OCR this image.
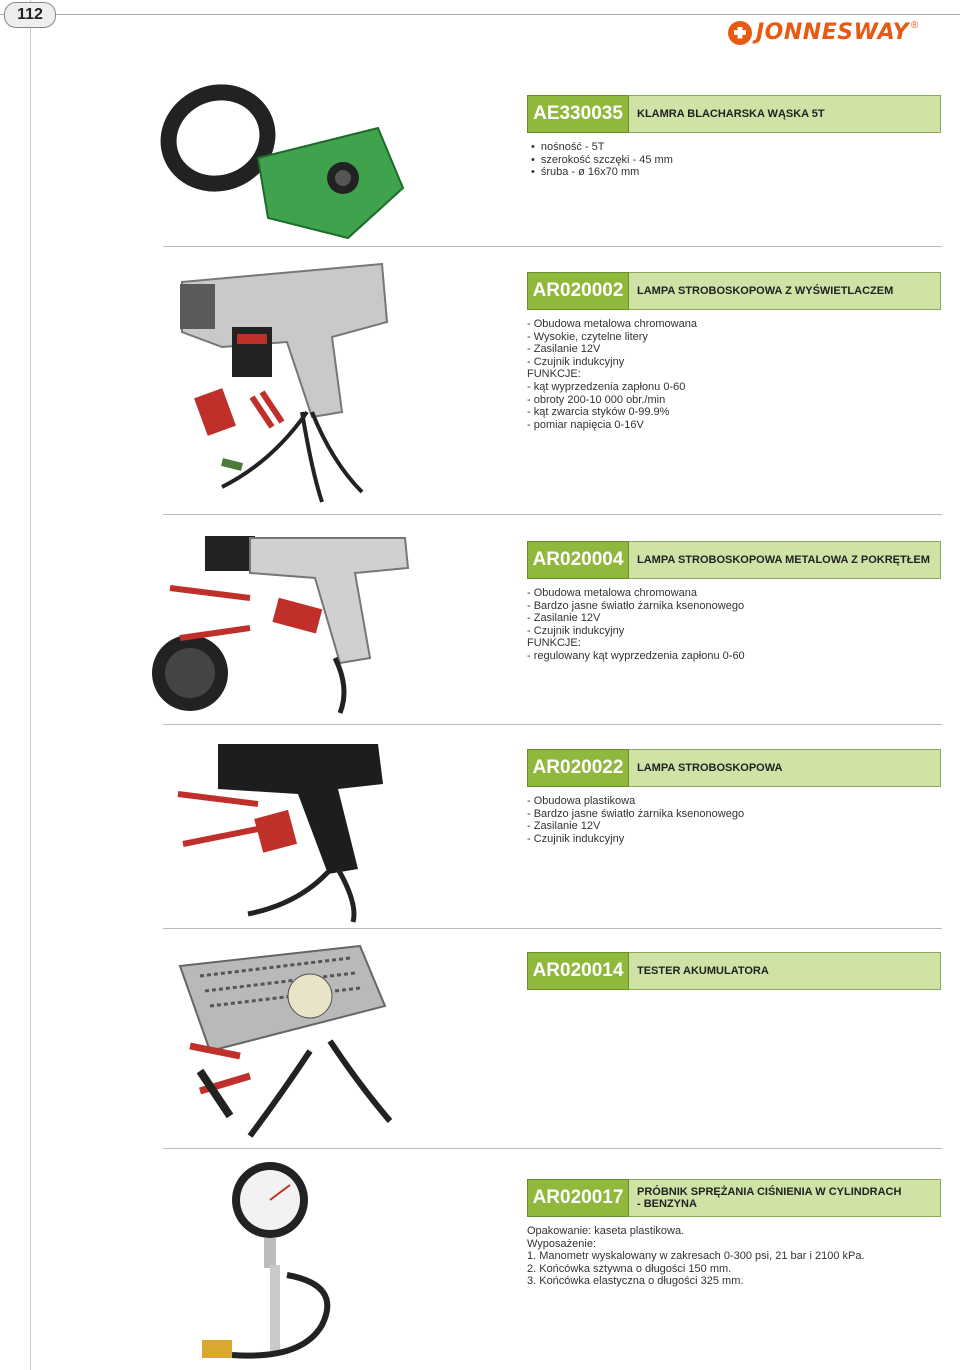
112
JONNESWAY ®
AE330035	KLAMRA BLACHARSKA WĄSKA 5T
• nośność - 5T
• szerokość szczęki - 45 mm
• śruba - ø 16x70 mm
AR020002	LAMPA STROBOSKOPOWA Z WYŚWIETLACZEM
- Obudowa metalowa chromowana
- Wysokie, czytelne litery
- Zasilanie 12V
- Czujnik indukcyjny
FUNKCJE:
- kąt wyprzedzenia zapłonu 0-60
- obroty 200-10 000 obr./min
- kąt zwarcia styków 0-99.9%
- pomiar napięcia 0-16V
AR020004	LAMPA STROBOSKOPOWA METALOWA Z POKRĘTŁEM
- Obudowa metalowa chromowana
- Bardzo jasne światło żarnika ksenonowego
- Zasilanie 12V
- Czujnik indukcyjny
FUNKCJE:
- regulowany kąt wyprzedzenia zapłonu 0-60
AR020022	LAMPA STROBOSKOPOWA
- Obudowa plastikowa
- Bardzo jasne światło żarnika ksenonowego
- Zasilanie 12V
- Czujnik indukcyjny
AR020014	TESTER AKUMULATORA
AR020017	PRÓBNIK SPRĘŻANIA CIŚNIENIA W CYLINDRACH
- BENZYNA
Opakowanie: kaseta plastikowa.
Wyposażenie:
1. Manometr wyskalowany w zakresach 0-300 psi, 21 bar i 2100 kPa.
2. Końcówka sztywna o długości 150 mm.
3. Końcówka elastyczna o długości 325 mm.
